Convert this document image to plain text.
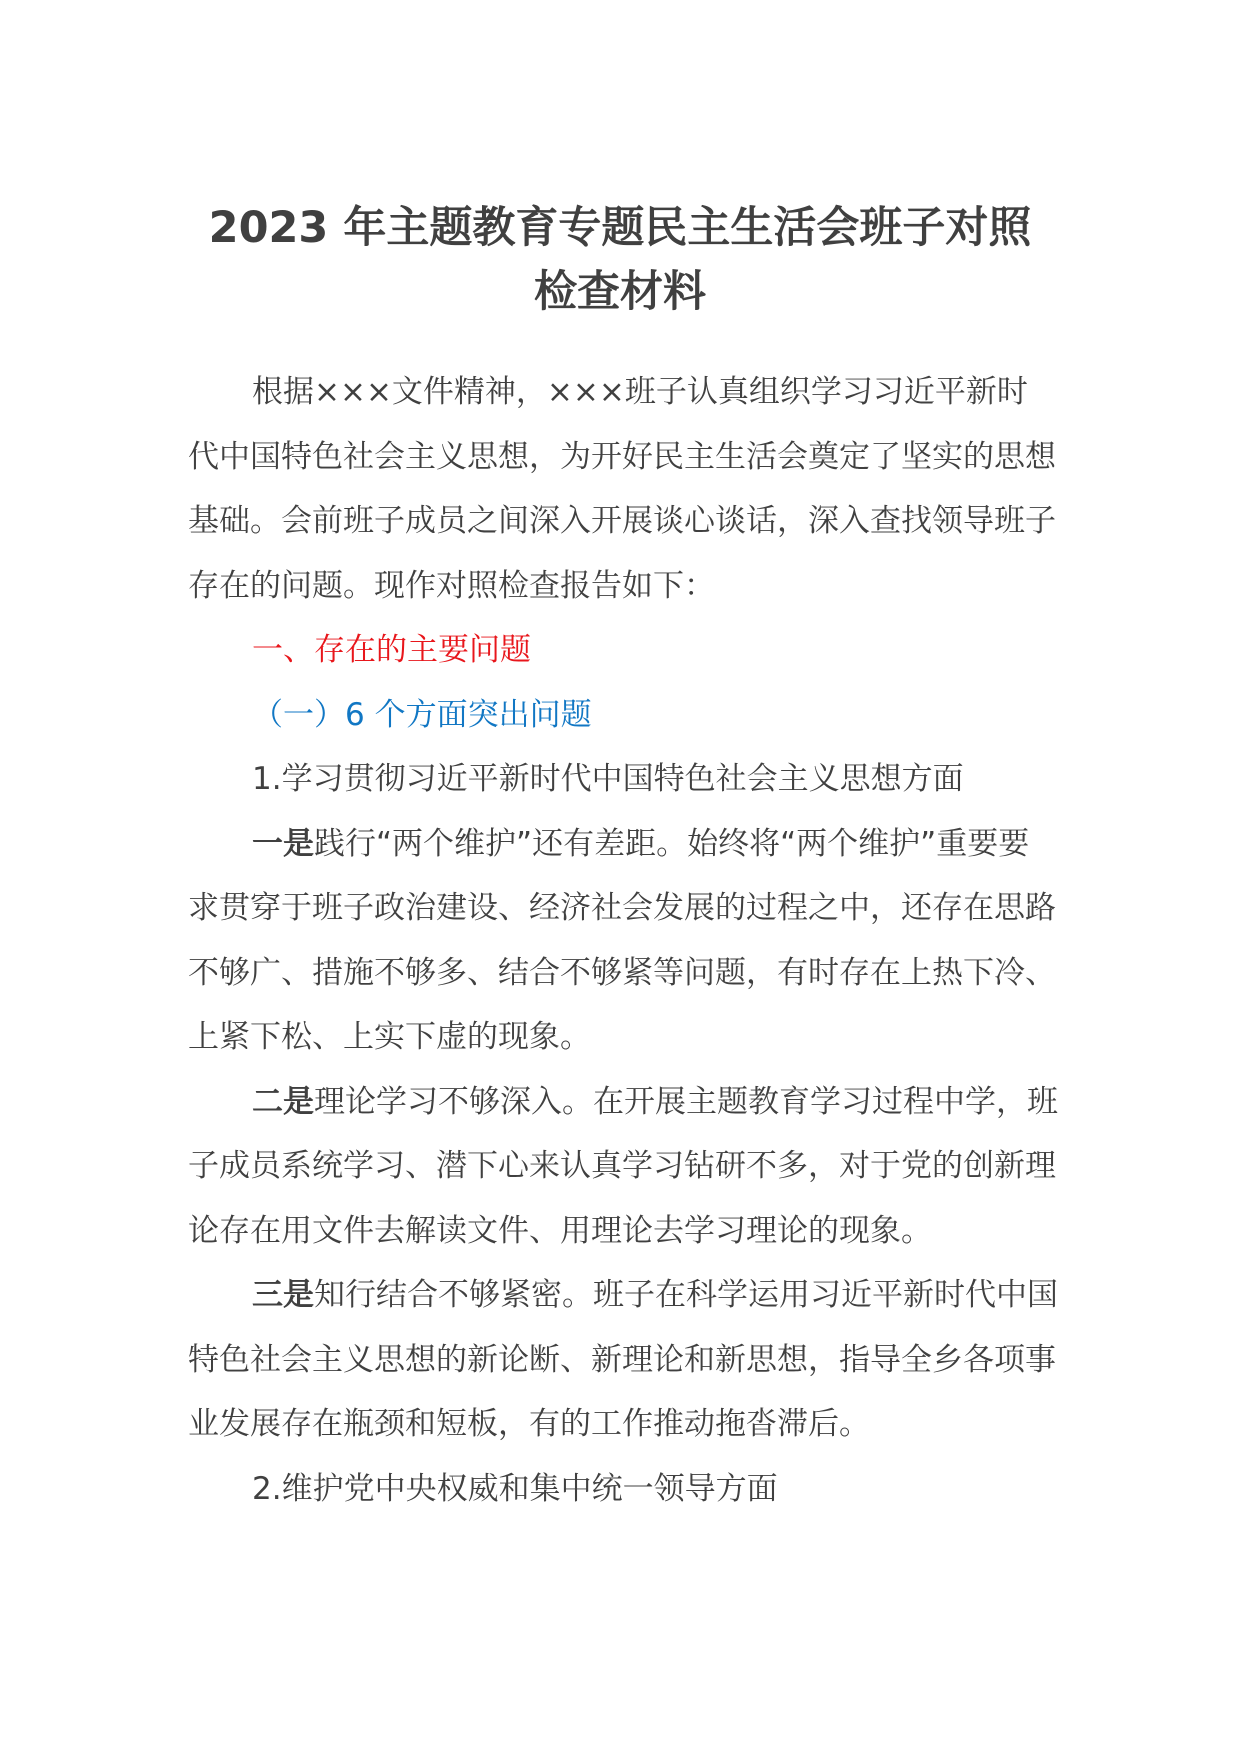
2023 年主题教育专题民主生活会班子对照
检查材料

根据×××文件精神，×××班子认真组织学习习近平新时代中国特色社会主义思想，为开好民主生活会奠定了坚实的思想基础。会前班子成员之间深入开展谈心谈话，深入查找领导班子存在的问题。现作对照检查报告如下：

一、存在的主要问题

（一）6 个方面突出问题

1.学习贯彻习近平新时代中国特色社会主义思想方面

一是践行“两个维护”还有差距。始终将“两个维护”重要要求贯穿于班子政治建设、经济社会发展的过程之中，还存在思路不够广、措施不够多、结合不够紧等问题，有时存在上热下冷、上紧下松、上实下虚的现象。

二是理论学习不够深入。在开展主题教育学习过程中学，班子成员系统学习、潜下心来认真学习钻研不多，对于党的创新理论存在用文件去解读文件、用理论去学习理论的现象。

三是知行结合不够紧密。班子在科学运用习近平新时代中国特色社会主义思想的新论断、新理论和新思想，指导全乡各项事业发展存在瓶颈和短板，有的工作推动拖沓滞后。

2.维护党中央权威和集中统一领导方面
